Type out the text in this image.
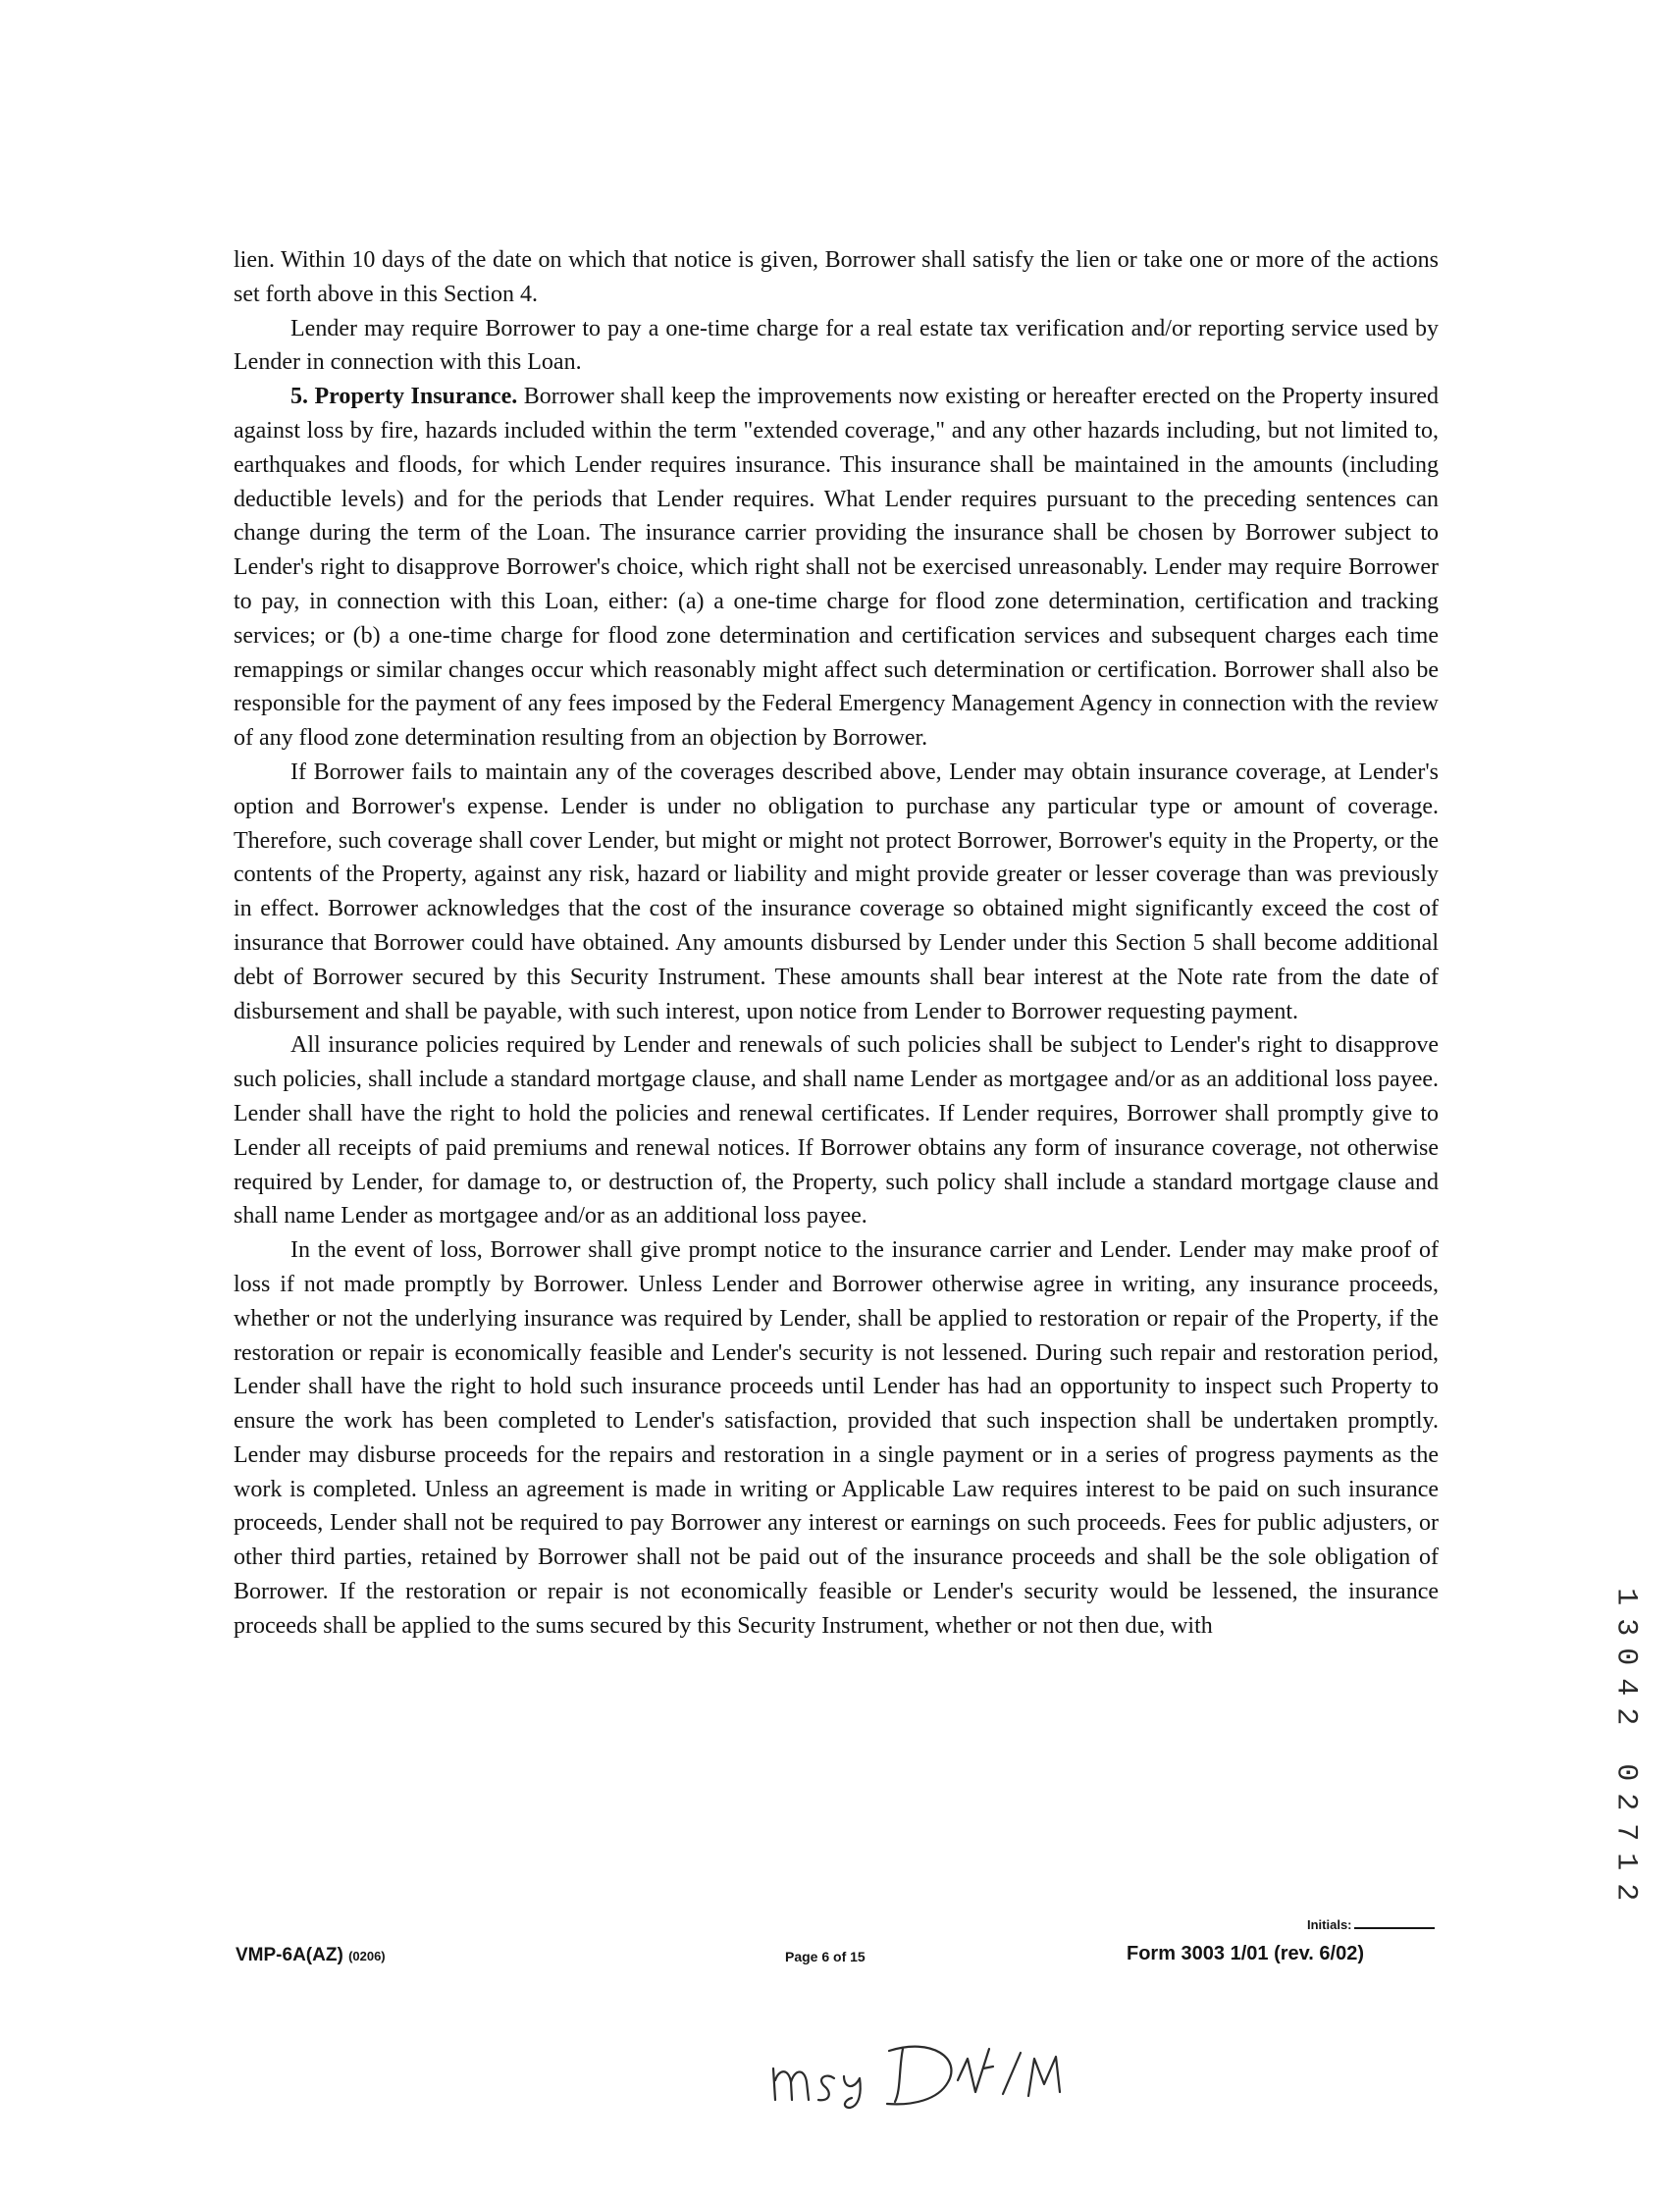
lien. Within 10 days of the date on which that notice is given, Borrower shall satisfy the lien or take one or more of the actions set forth above in this Section 4.

Lender may require Borrower to pay a one-time charge for a real estate tax verification and/or reporting service used by Lender in connection with this Loan.

5. Property Insurance. Borrower shall keep the improvements now existing or hereafter erected on the Property insured against loss by fire, hazards included within the term "extended coverage," and any other hazards including, but not limited to, earthquakes and floods, for which Lender requires insurance. This insurance shall be maintained in the amounts (including deductible levels) and for the periods that Lender requires. What Lender requires pursuant to the preceding sentences can change during the term of the Loan. The insurance carrier providing the insurance shall be chosen by Borrower subject to Lender's right to disapprove Borrower's choice, which right shall not be exercised unreasonably. Lender may require Borrower to pay, in connection with this Loan, either: (a) a one-time charge for flood zone determination, certification and tracking services; or (b) a one-time charge for flood zone determination and certification services and subsequent charges each time remappings or similar changes occur which reasonably might affect such determination or certification. Borrower shall also be responsible for the payment of any fees imposed by the Federal Emergency Management Agency in connection with the review of any flood zone determination resulting from an objection by Borrower.

If Borrower fails to maintain any of the coverages described above, Lender may obtain insurance coverage, at Lender's option and Borrower's expense. Lender is under no obligation to purchase any particular type or amount of coverage. Therefore, such coverage shall cover Lender, but might or might not protect Borrower, Borrower's equity in the Property, or the contents of the Property, against any risk, hazard or liability and might provide greater or lesser coverage than was previously in effect. Borrower acknowledges that the cost of the insurance coverage so obtained might significantly exceed the cost of insurance that Borrower could have obtained. Any amounts disbursed by Lender under this Section 5 shall become additional debt of Borrower secured by this Security Instrument. These amounts shall bear interest at the Note rate from the date of disbursement and shall be payable, with such interest, upon notice from Lender to Borrower requesting payment.

All insurance policies required by Lender and renewals of such policies shall be subject to Lender's right to disapprove such policies, shall include a standard mortgage clause, and shall name Lender as mortgagee and/or as an additional loss payee. Lender shall have the right to hold the policies and renewal certificates. If Lender requires, Borrower shall promptly give to Lender all receipts of paid premiums and renewal notices. If Borrower obtains any form of insurance coverage, not otherwise required by Lender, for damage to, or destruction of, the Property, such policy shall include a standard mortgage clause and shall name Lender as mortgagee and/or as an additional loss payee.

In the event of loss, Borrower shall give prompt notice to the insurance carrier and Lender. Lender may make proof of loss if not made promptly by Borrower. Unless Lender and Borrower otherwise agree in writing, any insurance proceeds, whether or not the underlying insurance was required by Lender, shall be applied to restoration or repair of the Property, if the restoration or repair is economically feasible and Lender's security is not lessened. During such repair and restoration period, Lender shall have the right to hold such insurance proceeds until Lender has had an opportunity to inspect such Property to ensure the work has been completed to Lender's satisfaction, provided that such inspection shall be undertaken promptly. Lender may disburse proceeds for the repairs and restoration in a single payment or in a series of progress payments as the work is completed. Unless an agreement is made in writing or Applicable Law requires interest to be paid on such insurance proceeds, Lender shall not be required to pay Borrower any interest or earnings on such proceeds. Fees for public adjusters, or other third parties, retained by Borrower shall not be paid out of the insurance proceeds and shall be the sole obligation of Borrower. If the restoration or repair is not economically feasible or Lender's security would be lessened, the insurance proceeds shall be applied to the sums secured by this Security Instrument, whether or not then due, with

Initials:
VMP-6A(AZ) (0206)	Page 6 of 15	Form 3003 1/01 (rev. 6/02)
1
3
0
4
2
0
2
7
1
2
